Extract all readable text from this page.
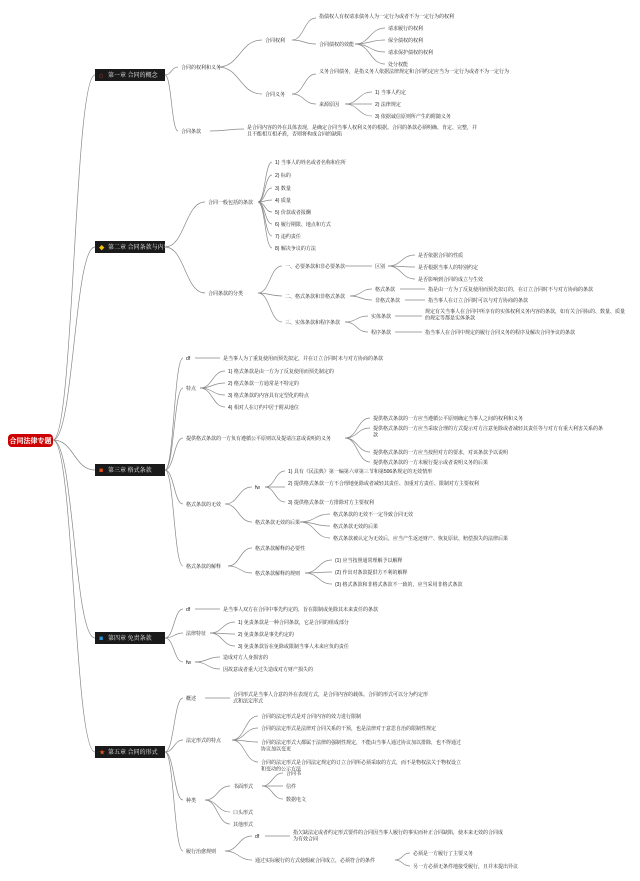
合同法律专题
⌂ 第一章 合同的概念
◆ 第二章 合同条款与内容
■ 第三章 格式条款
■ 第四章 免责条款
★ 第五章 合同的形式
合同的权利和义务
合同权利
指债权人有权请求债务人为一定行为或者不为一定行为的权利
合同债权的效能
请求履行的权利
保全债权的权利
请求保护债权的权利
处分权能
合同义务
义务合同债务，是指义务人依据法律规定和合同约定应当为一定行为或者不为一定行为
来源原因
1) 当事人约定
2) 法律规定
3) 依据诚信原则所产生的附随义务
合同条款
是合同内容的外在具体表现，是确定合同当事人权利义务的根据。合同的条款必须明确、肯定、完整，并且不能相互相矛盾，否则将构成合同的缺陷
合同一般包括的条款
1) 当事人的姓名或者名称和住所
2) 标的
3) 数量
4) 质量
5) 价款或者报酬
6) 履行期限、地点和方式
7) 违约责任
8) 解决争议的方法
合同条款的分类
一、必要条款和非必要条款	区别
是否依据合同的性质
是否根据当事人的特别约定
是否影响到合同的成立与生效
二、格式条款和非格式条款
格式条款	指是由一方为了反复使用而预先拟订的，在订立合同时不与对方协商的条款
非格式条款	指当事人在订立合同时可以与对方协商的条款
三、实体条款和程序条款
实体条款
规定有关当事人在合同中所享有的实体权利义务内容的条款，如有关合同标的、数量、质量的规定等都是实体条款
程序条款	指当事人在合同中规定的履行合同义务的程序及解决合同争议的条款
df	是当事人为了重复使用而预先拟定，并在订立合同时未与对方协商的条款
特点
1) 格式条款是由一方为了反复使用而预先制定的
2) 格式条款一方通常是不特定的
3) 格式条款的内容具有定型化的特点
4) 相对人在订约中居于附从地位
提供格式条款的一方负有遵循公平原则以及提请注意或说明的义务
提供格式条款的一方应当遵循公平原则确定当事人之间的权利和义务
提供格式条款的一方应当采取合理的方式提示对方注意免除或者减轻其责任等与对方有重大利害关系的条款
提供格式条款的一方应当按照对方的要求，对该条款予以说明
提供格式条款的一方未履行提示或者说明义务的后果
格式条款的无效
fw
1) 具有《民法典》第一编第六章第三节和第506条规定的无效情形
2) 提供格式条款一方不合理地免除或者减轻其责任、加重对方责任、限制对方主要权利
3) 提供格式条款一方排除对方主要权利
格式条款无效的后果
格式条款的无效不一定导致合同无效
格式条款无效的后果
格式条款被认定为无效后，应当产生返还财产、恢复原状、赔偿损失的法律后果
格式条款的解释
格式条款解释的必要性
格式条款解释的规则
(1) 应当按照通常理解予以解释
(2) 作出对条款提供方不利的解释
(3) 格式条款和非格式条款不一致的，应当采用非格式条款
df	是当事人双方在合同中事先约定的，旨在限制或免除其未来责任的条款
法律特征
1) 免责条款是一种合同条款，它是合同的组成部分
2) 免责条款是事先约定的
3) 免责条款旨在免除或限制当事人未来应负的责任
fw
造成对方人身损害的
因故意或者重大过失造成对方财产损失的
概述
合同形式是当事人合意的外在表现方式，是合同内容的载体。合同的形式可以分为约定形式和法定形式
法定形式的特点
合同的法定形式是对合同内容的效力进行限制
合同的法定形式是法律对合同关系的干预，也是法律对于意思自治的限制性规定
合同的法定形式大都属于法律的强制性规定，不能由当事人通过协议加以排除，也不得通过协议加以变更
合同的法定形式是合同法定规定的订立合同所必须采取的方式，而不是物权法关于物权设立和变动的公示方法
种类
书面形式
合同书
信件
数据电文
口头形式
其他形式
履行治愈规则
df
指欠缺法定或者约定形式要件的合同因当事人履行的事实而补正合同缺陷，使本来无效的合同成为有效合同
通过实际履行的方式使瑕疵合同成立，必须符合的条件
必须是一方履行了主要义务
另一方必须无条件地接受履行，且并未提出异议
